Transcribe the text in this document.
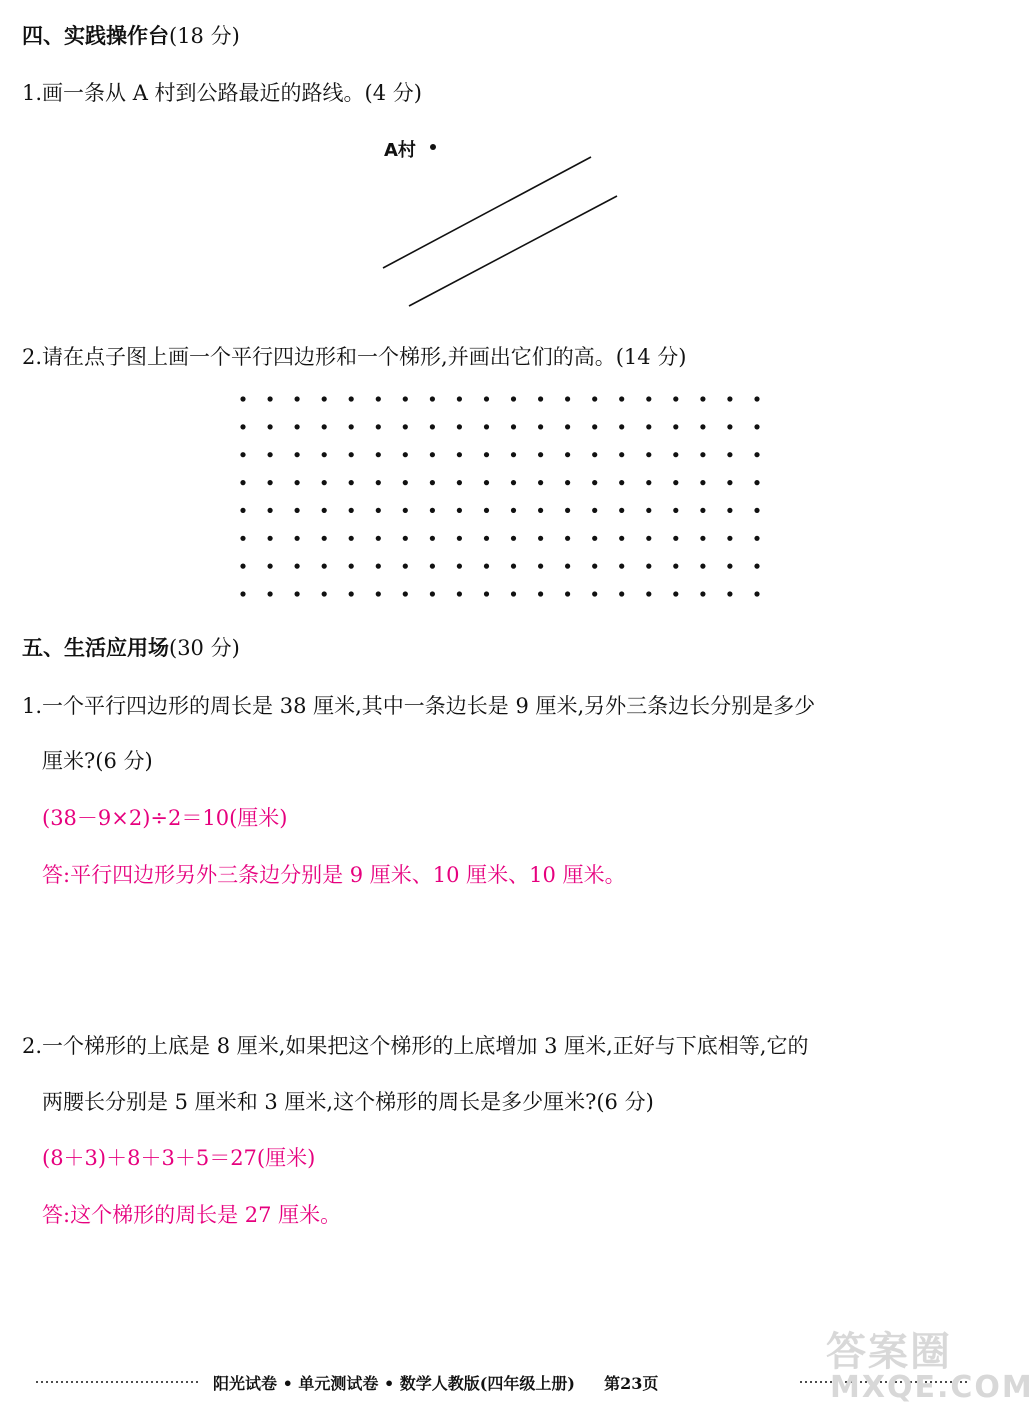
四、实践操作台(18 分)
1.画一条从 A 村到公路最近的路线。(4 分)
A村
2.请在点子图上画一个平行四边形和一个梯形,并画出它们的高。(14 分)
五、生活应用场(30 分)
1.一个平行四边形的周长是 38 厘米,其中一条边长是 9 厘米,另外三条边长分别是多少
厘米?(6 分)
(38－9×2)÷2＝10(厘米)
答:平行四边形另外三条边分别是 9 厘米、10 厘米、10 厘米。
2.一个梯形的上底是 8 厘米,如果把这个梯形的上底增加 3 厘米,正好与下底相等,它的
两腰长分别是 5 厘米和 3 厘米,这个梯形的周长是多少厘米?(6 分)
(8＋3)＋8＋3＋5＝27(厘米)
答:这个梯形的周长是 27 厘米。
答案圈
MXQE.COM
阳光试卷 • 单元测试卷 • 数学人教版(四年级上册) 第23页
